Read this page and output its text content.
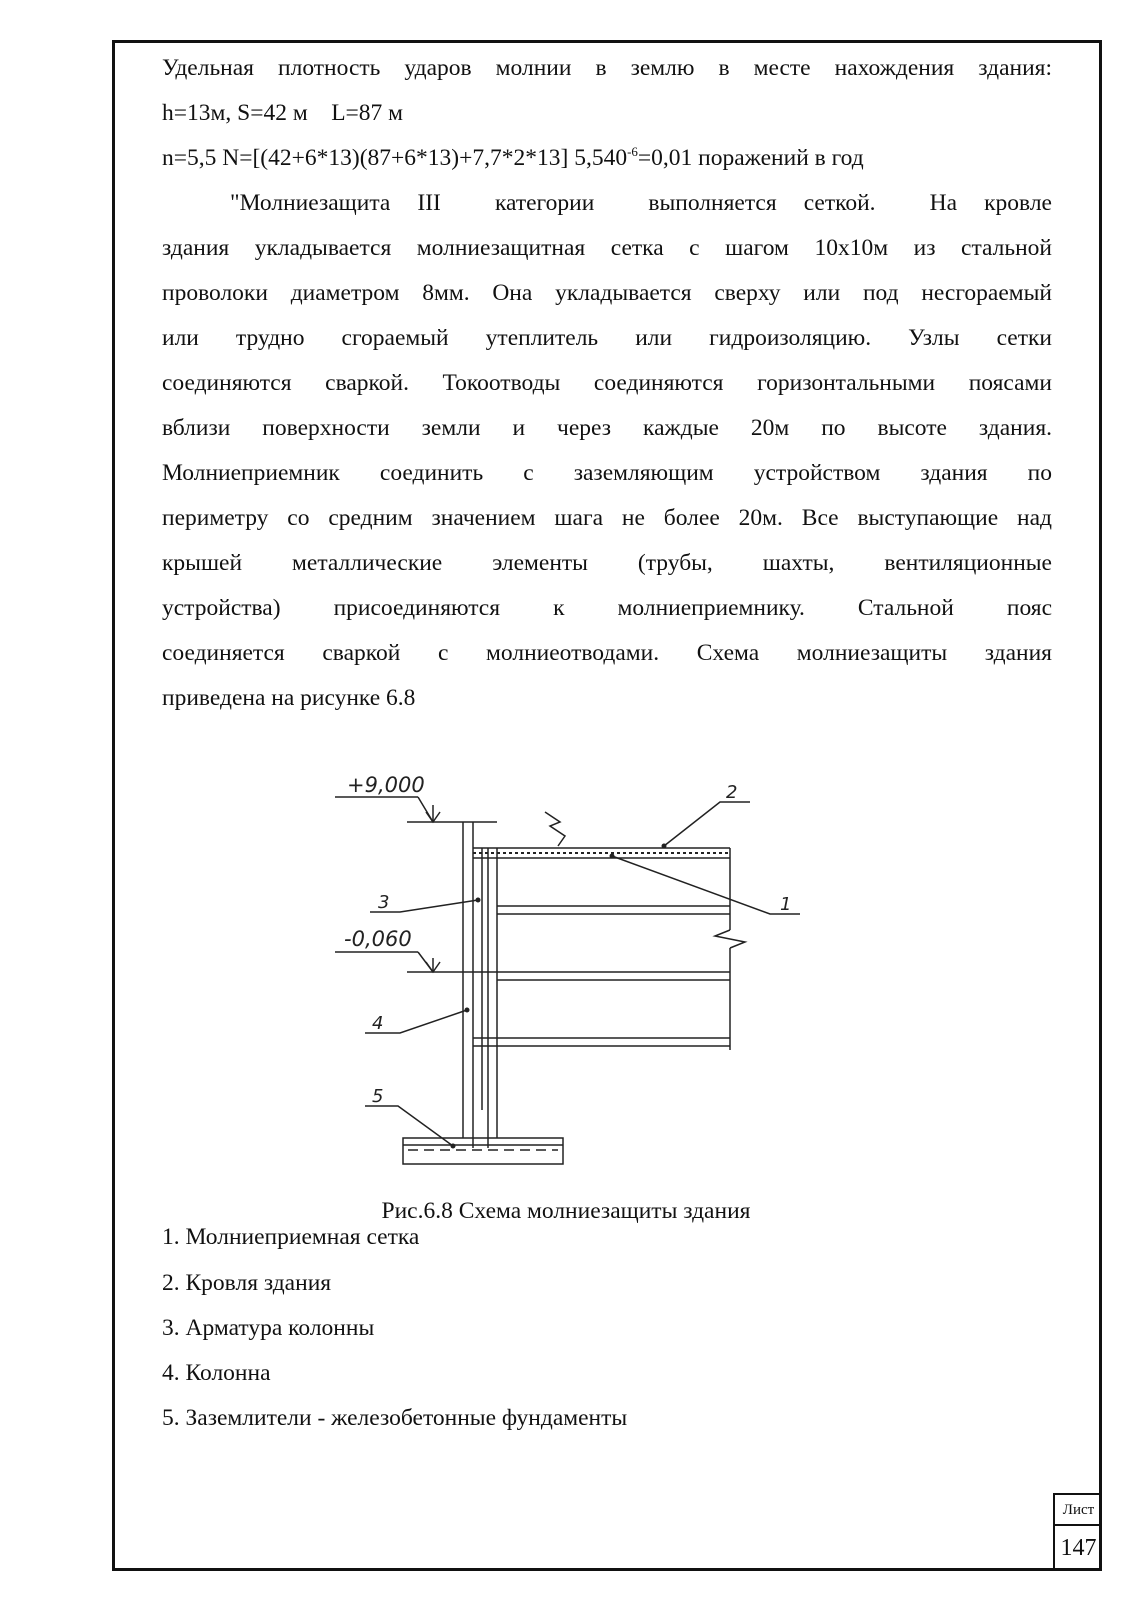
Удельная плотность ударов молнии в землю в месте нахождения здания:
h=13м, S=42 м    L=87 м
n=5,5 N=[(42+6*13)(87+6*13)+7,7*2*13] $5,540^{-6}=0,01$ поражений в год
"Молниезащита III  категории  выполняется сеткой.  На кровле
здания укладывается молниезащитная сетка с шагом 10х10м из стальной
проволоки диаметром 8мм. Она укладывается сверху или под несгораемый
или трудно сгораемый утеплитель или гидроизоляцию. Узлы сетки
соединяются сваркой. Токоотводы соединяются горизонтальными поясами
вблизи поверхности земли и через каждые 20м по высоте здания.
Молниеприемник соединить с заземляющим устройством здания по
периметру со средним значением шага не более 20м. Все выступающие над
крышей металлические элементы (трубы, шахты, вентиляционные
устройства) присоединяются к молниеприемнику. Стальной пояс
соединяется сваркой с молниеотводами. Схема молниезащиты здания
приведена на рисунке 6.8
+9,000
-0,060
1
2
3
4
5
Рис.6.8 Схема молниезащиты здания
1. Молниеприемная сетка
2. Кровля здания
3. Арматура колонны
4. Колонна
5. Заземлители - железобетонные фундаменты
Лист
147
